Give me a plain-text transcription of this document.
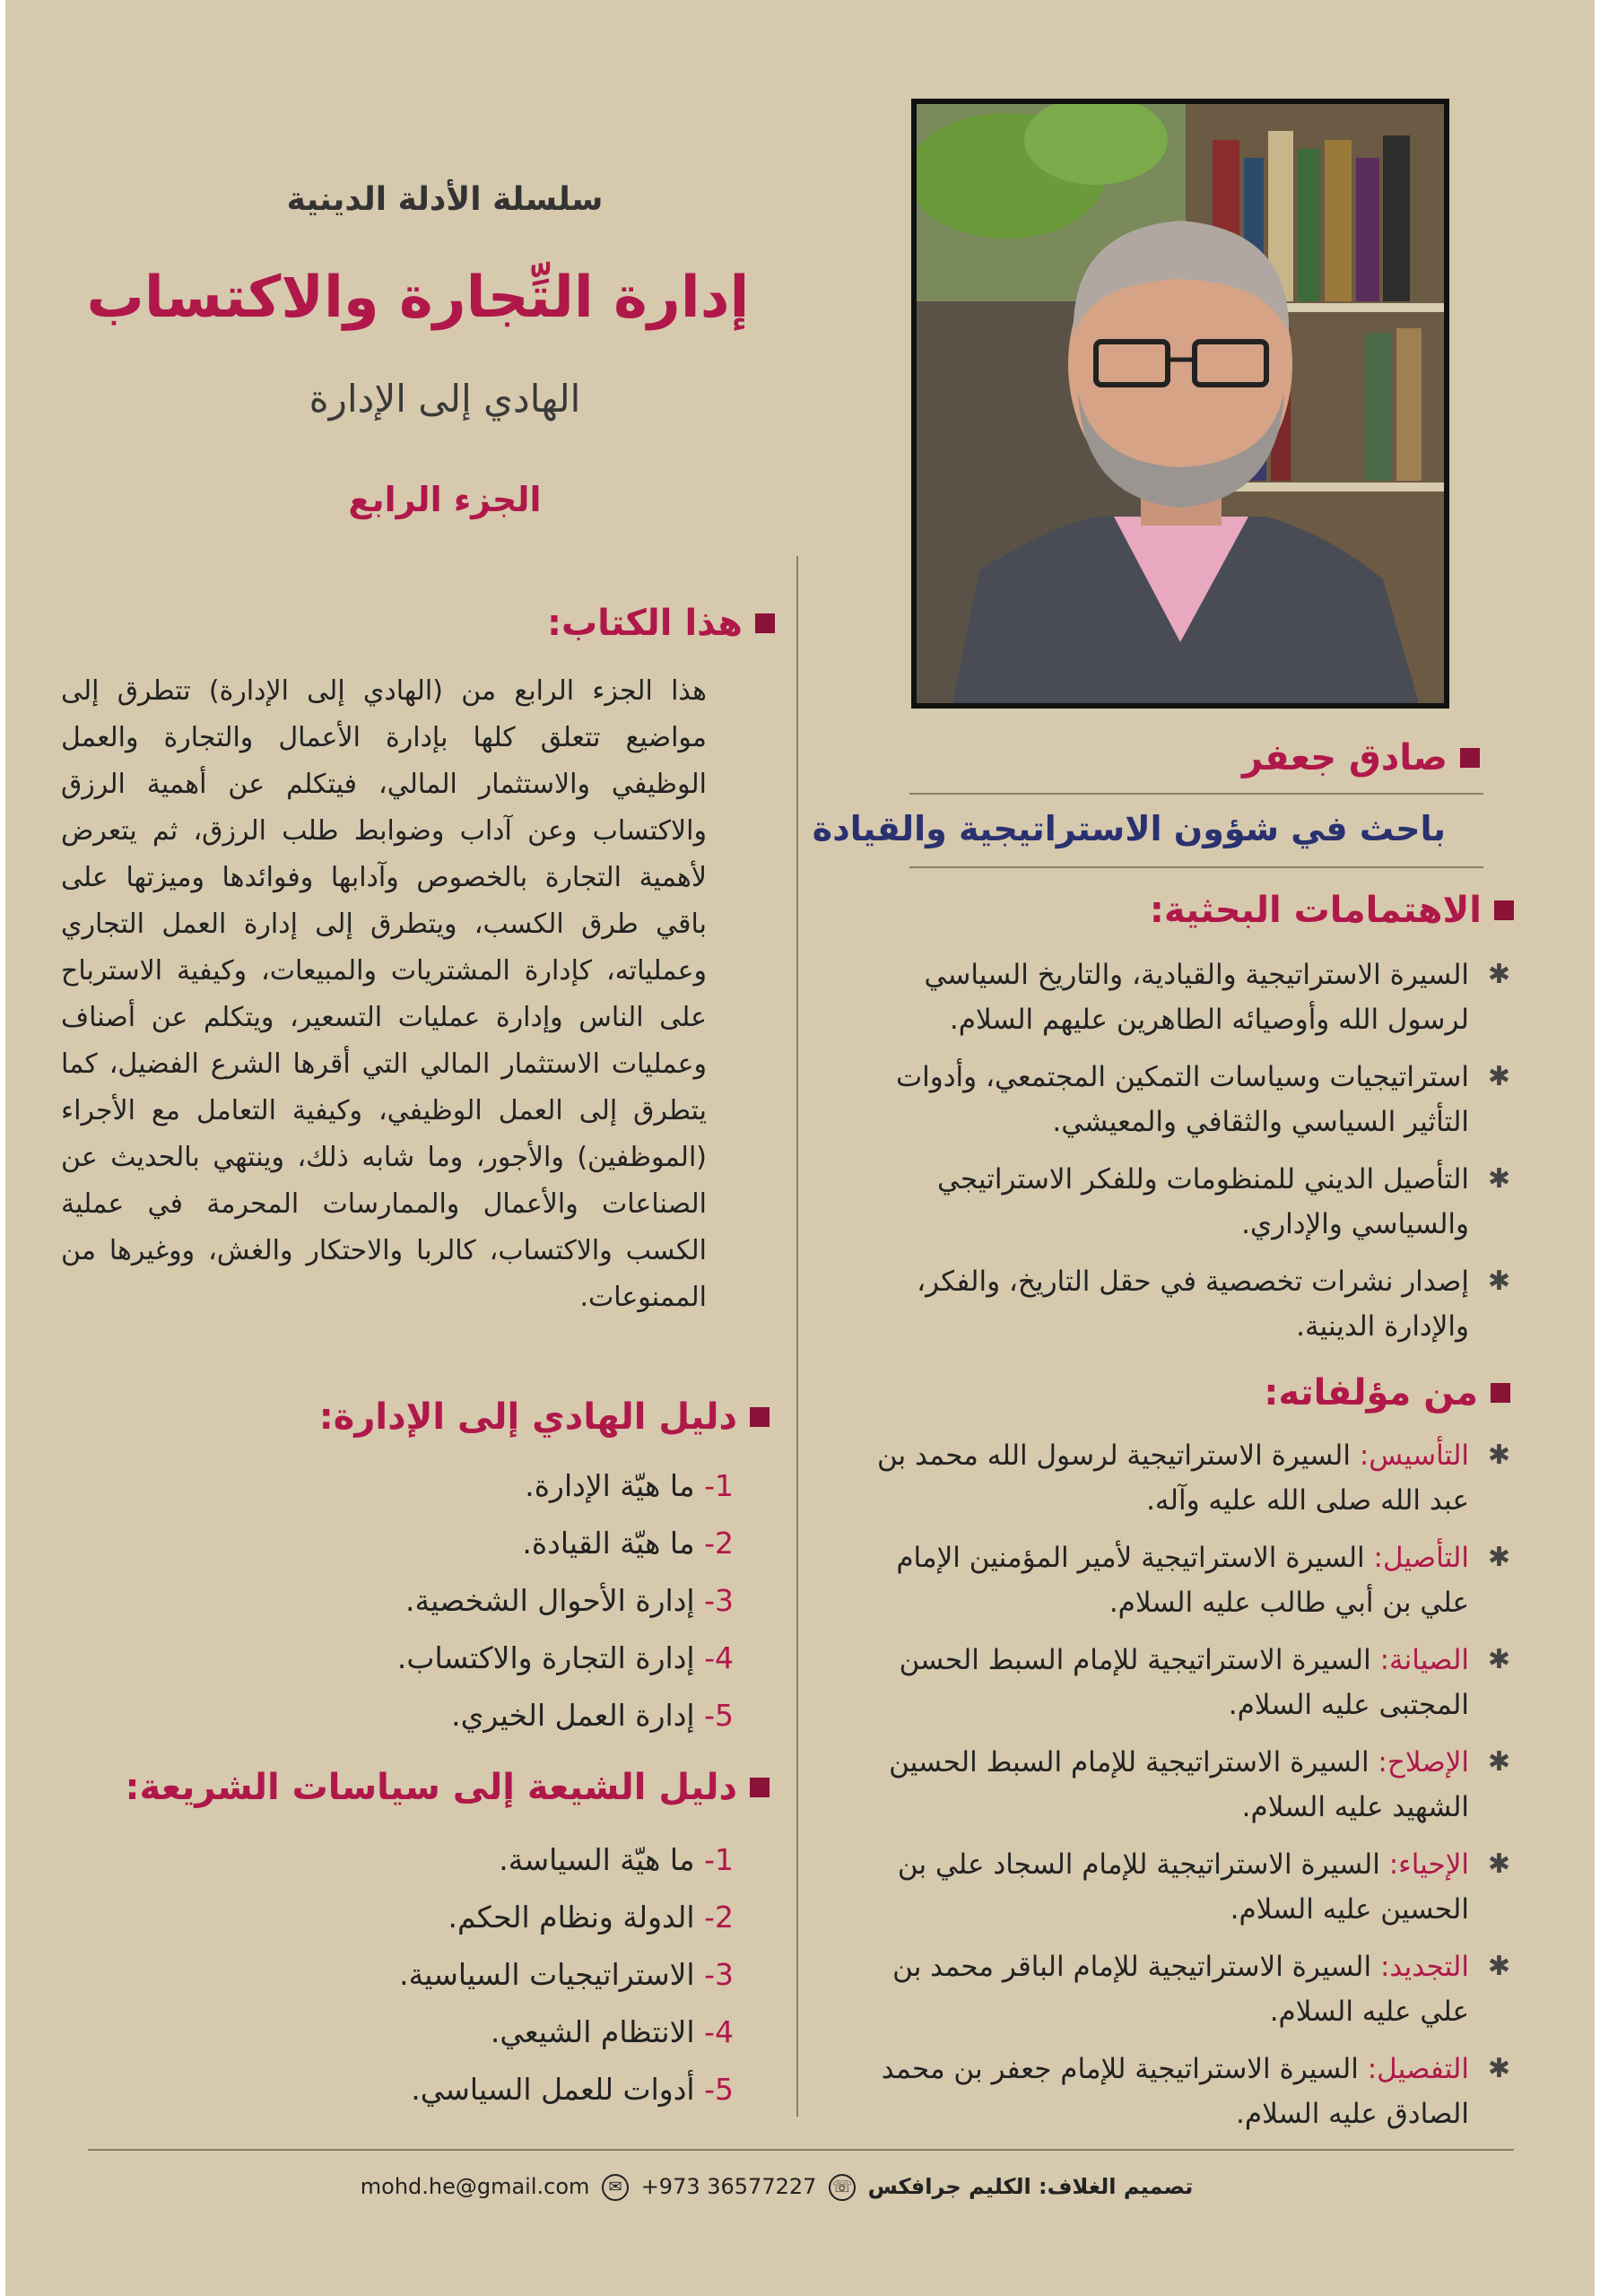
سلسلة الأدلة الدينية
إدارة التِّجارة والاكتساب
الهادي إلى الإدارة
الجزء الرابع
هذا الكتاب:

هذا الجزء الرابع من (الهادي إلى الإدارة) تتطرق إلى مواضيع تتعلق كلها بإدارة الأعمال والتجارة والعمل الوظيفي والاستثمار المالي، فيتكلم عن أهمية الرزق والاكتساب وعن آداب وضوابط طلب الرزق، ثم يتعرض لأهمية التجارة بالخصوص وآدابها وفوائدها وميزتها على باقي طرق الكسب، ويتطرق إلى إدارة العمل التجاري وعملياته، كإدارة المشتريات والمبيعات، وكيفية الاسترباح على الناس وإدارة عمليات التسعير، ويتكلم عن أصناف وعمليات الاستثمار المالي التي أقرها الشرع الفضيل، كما يتطرق إلى العمل الوظيفي، وكيفية التعامل مع الأجراء (الموظفين) والأجور، وما شابه ذلك، وينتهي بالحديث عن الصناعات والأعمال والممارسات المحرمة في عملية الكسب والاكتساب، كالربا والاحتكار والغش، ووغيرها من الممنوعات.

دليل الهادي إلى الإدارة:
1- ما هيّة الإدارة.
2- ما هيّة القيادة.
3- إدارة الأحوال الشخصية.
4- إدارة التجارة والاكتساب.
5- إدارة العمل الخيري.
دليل الشيعة إلى سياسات الشريعة:
1- ما هيّة السياسة.
2- الدولة ونظام الحكم.
3- الاستراتيجيات السياسية.
4- الانتظام الشيعي.
5- أدوات للعمل السياسي.
صادق جعفر
باحث في شؤون الاستراتيجية والقيادة
الاهتمامات البحثية:
✱
السيرة الاستراتيجية والقيادية، والتاريخ السياسي لرسول الله وأوصيائه الطاهرين عليهم السلام.
✱
استراتيجيات وسياسات التمكين المجتمعي، وأدوات التأثير السياسي والثقافي والمعيشي.
✱
التأصيل الديني للمنظومات وللفكر الاستراتيجي والسياسي والإداري.
✱
إصدار نشرات تخصصية في حقل التاريخ، والفكر، والإدارة الدينية.
من مؤلفاته:
✱
التأسيس: السيرة الاستراتيجية لرسول الله محمد بن عبد الله صلى الله عليه وآله.
✱
التأصيل: السيرة الاستراتيجية لأمير المؤمنين الإمام علي بن أبي طالب عليه السلام.
✱
الصيانة: السيرة الاستراتيجية للإمام السبط الحسن المجتبى عليه السلام.
✱
الإصلاح: السيرة الاستراتيجية للإمام السبط الحسين الشهيد عليه السلام.
✱
الإحياء: السيرة الاستراتيجية للإمام السجاد علي بن الحسين عليه السلام.
✱
التجديد: السيرة الاستراتيجية للإمام الباقر محمد بن علي عليه السلام.
✱
التفصيل: السيرة الاستراتيجية للإمام جعفر بن محمد الصادق عليه السلام.
تصميم الغلاف: الكليم جرافكس ☏ +973 36577227 ✉ mohd.he@gmail.com
